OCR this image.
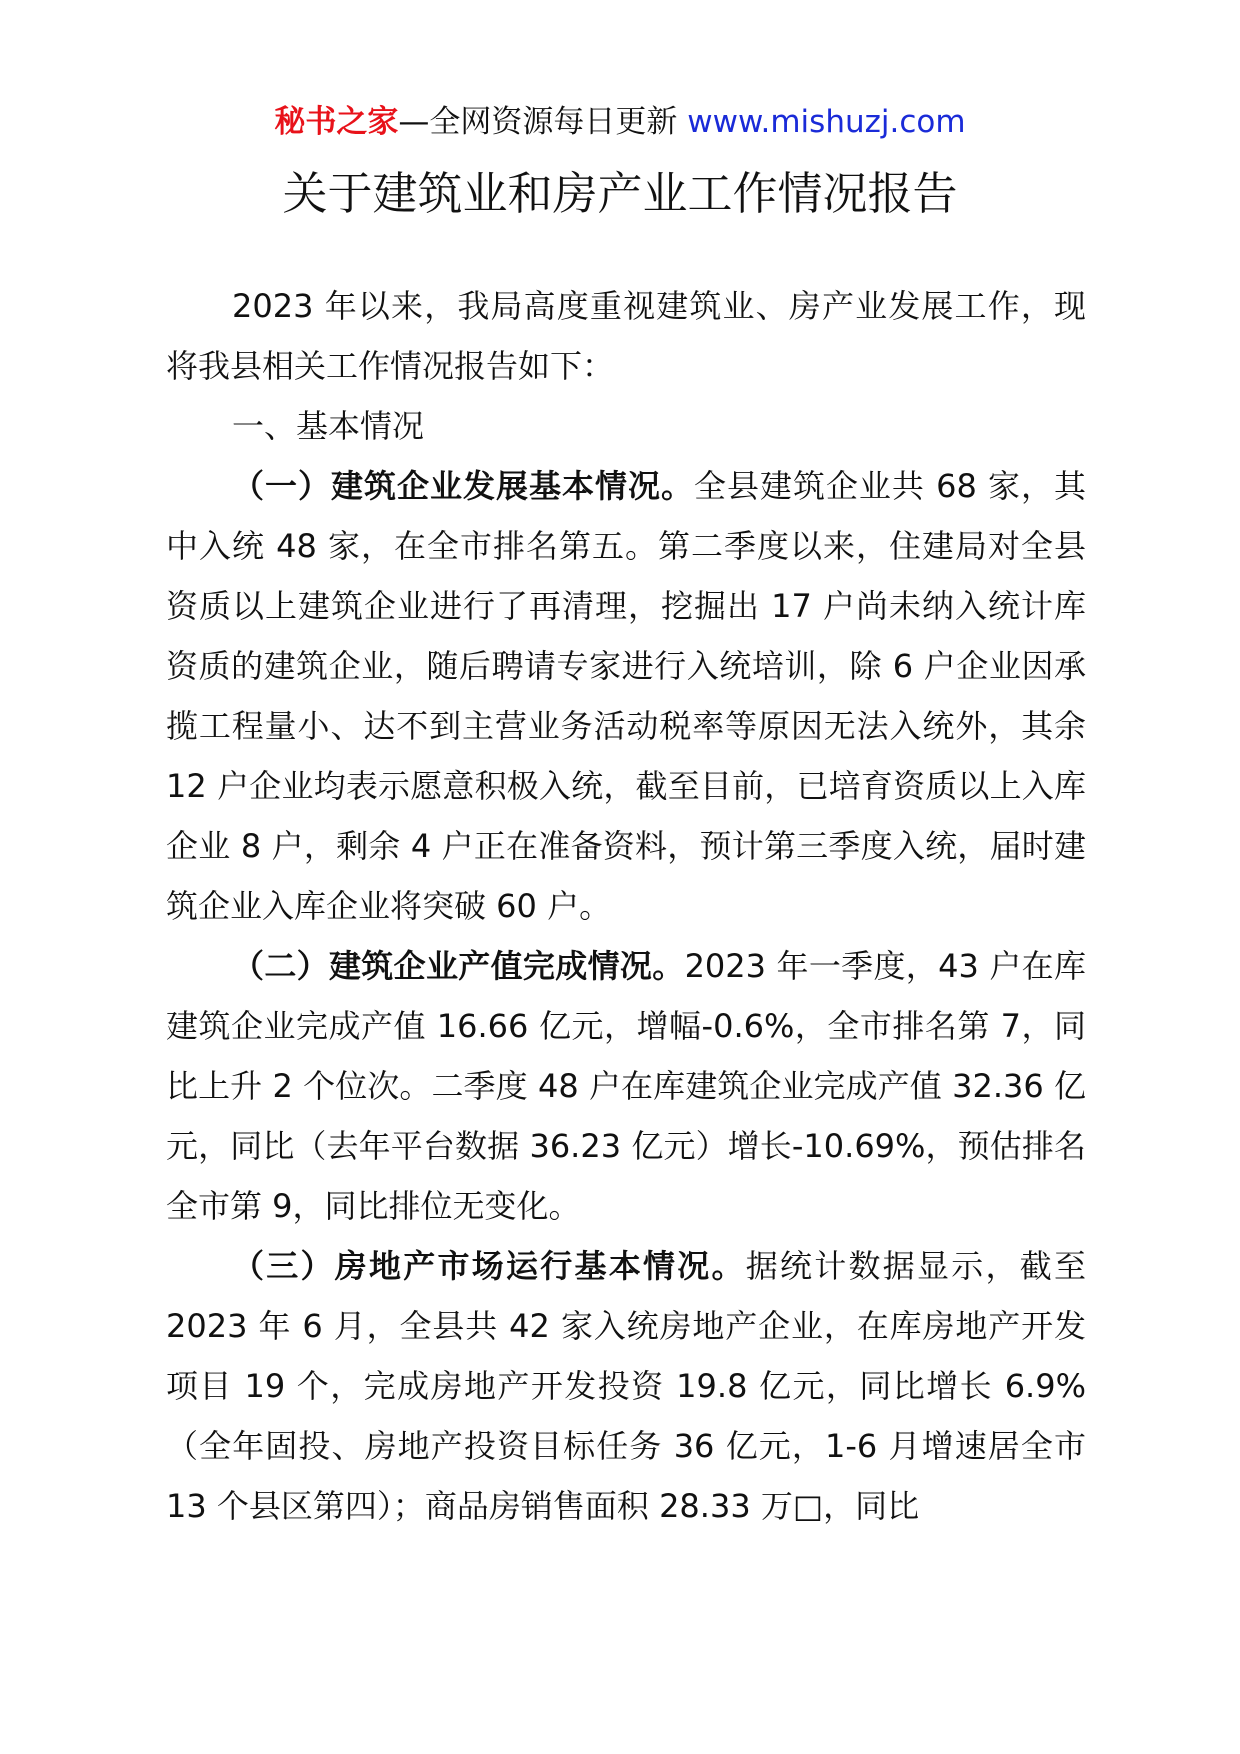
秘书之家—全网资源每日更新 www.mishuzj.com
关于建筑业和房产业工作情况报告

2023 年以来，我局高度重视建筑业、房产业发展工作，现将我县相关工作情况报告如下：

一、基本情况

（一）建筑企业发展基本情况。全县建筑企业共 68 家，其中入统 48 家，在全市排名第五。第二季度以来，住建局对全县资质以上建筑企业进行了再清理，挖掘出 17 户尚未纳入统计库资质的建筑企业，随后聘请专家进行入统培训，除 6 户企业因承揽工程量小、达不到主营业务活动税率等原因无法入统外，其余 12 户企业均表示愿意积极入统，截至目前，已培育资质以上入库企业 8 户，剩余 4 户正在准备资料，预计第三季度入统，届时建筑企业入库企业将突破 60 户。

（二）建筑企业产值完成情况。2023 年一季度，43 户在库建筑企业完成产值 16.66 亿元，增幅-0.6%，全市排名第 7，同比上升 2 个位次。二季度 48 户在库建筑企业完成产值 32.36 亿元，同比（去年平台数据 36.23 亿元）增长-10.69%，预估排名全市第 9，同比排位无变化。

（三）房地产市场运行基本情况。据统计数据显示，截至 2023 年 6 月，全县共 42 家入统房地产企业，在库房地产开发项目 19 个，完成房地产开发投资 19.8 亿元，同比增长 6.9%（全年固投、房地产投资目标任务 36 亿元，1-6 月增速居全市 13 个县区第四）；商品房销售面积 28.33 万□，同比
